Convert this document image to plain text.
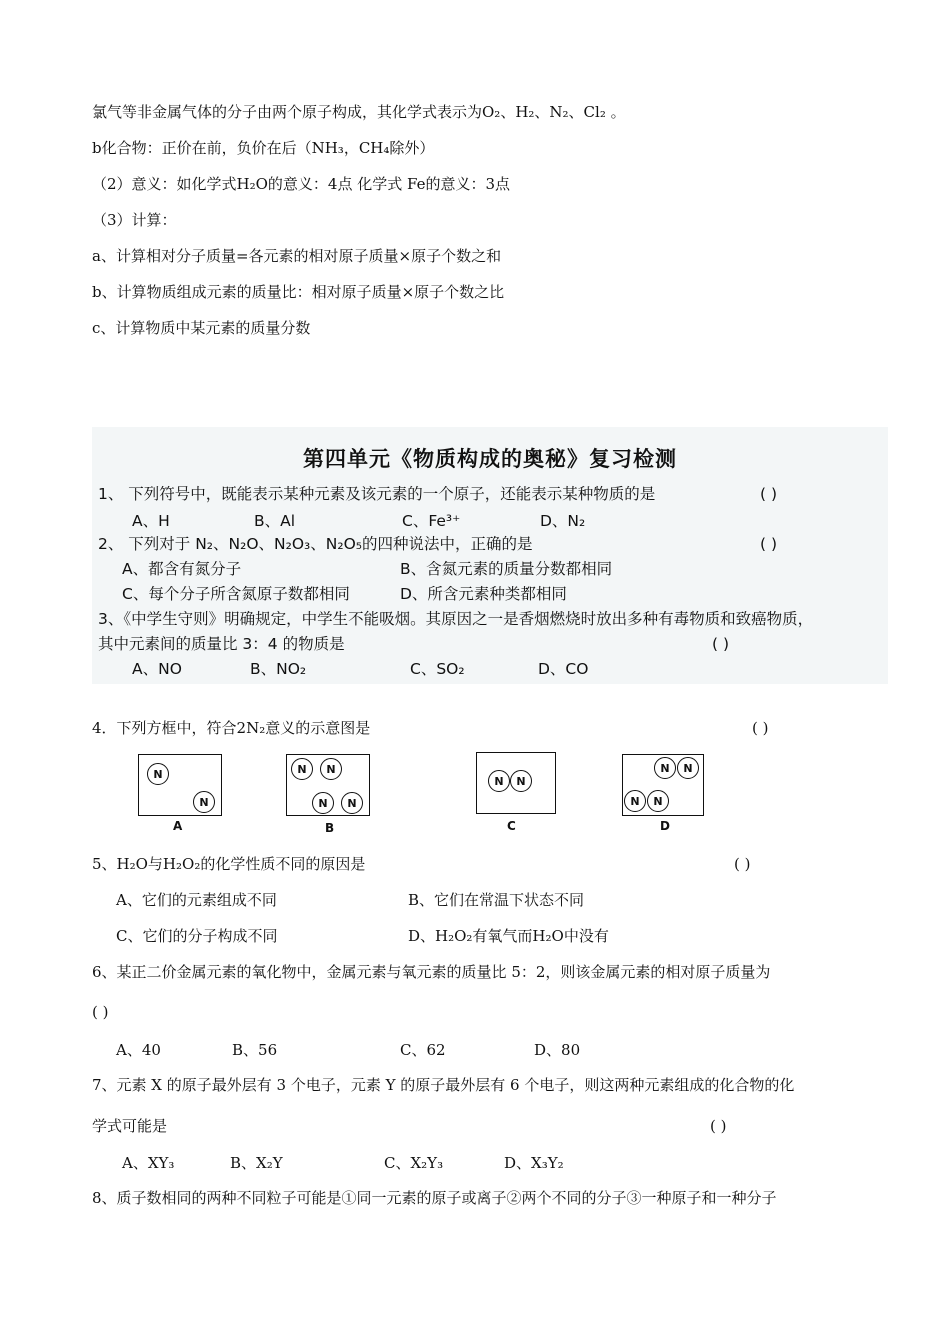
氯气等非金属气体的分子由两个原子构成，其化学式表示为O₂、H₂、N₂、Cl₂ 。
b化合物：正价在前，负价在后（NH₃，CH₄除外）
（2）意义：如化学式H₂O的意义：4点 化学式 Fe的意义：3点
（3）计算：
a、计算相对分子质量=各元素的相对原子质量×原子个数之和
b、计算物质组成元素的质量比：相对原子质量×原子个数之比
c、计算物质中某元素的质量分数
第四单元《物质构成的奥秘》复习检测
1、 下列符号中，既能表示某种元素及该元素的一个原子，还能表示某种物质的是	( )
A、H	B、Al	C、Fe³⁺	D、N₂
2、 下列对于 N₂、N₂O、N₂O₃、N₂O₅的四种说法中，正确的是	( )
A、都含有氮分子	B、含氮元素的质量分数都相同
C、每个分子所含氮原子数都相同	D、所含元素种类都相同
3、《中学生守则》明确规定，中学生不能吸烟。其原因之一是香烟燃烧时放出多种有毒物质和致癌物质，
其中元素间的质量比 3：4 的物质是	( )
A、NO	B、NO₂	C、SO₂	D、CO
4．下列方框中，符合2N₂意义的示意图是	( )
N
N
A
N	N
N	N
B
N	N
C
N	N
N	N
D
5、H₂O与H₂O₂的化学性质不同的原因是	( )
A、它们的元素组成不同	B、它们在常温下状态不同
C、它们的分子构成不同	D、H₂O₂有氧气而H₂O中没有
6、某正二价金属元素的氧化物中，金属元素与氧元素的质量比 5：2，则该金属元素的相对原子质量为
( )
A、40	B、56	C、62	D、80
7、元素 X 的原子最外层有 3 个电子，元素 Y 的原子最外层有 6 个电子，则这两种元素组成的化合物的化
学式可能是	( )
A、XY₃	B、X₂Y	C、X₂Y₃	D、X₃Y₂
8、质子数相同的两种不同粒子可能是①同一元素的原子或离子②两个不同的分子③一种原子和一种分子
